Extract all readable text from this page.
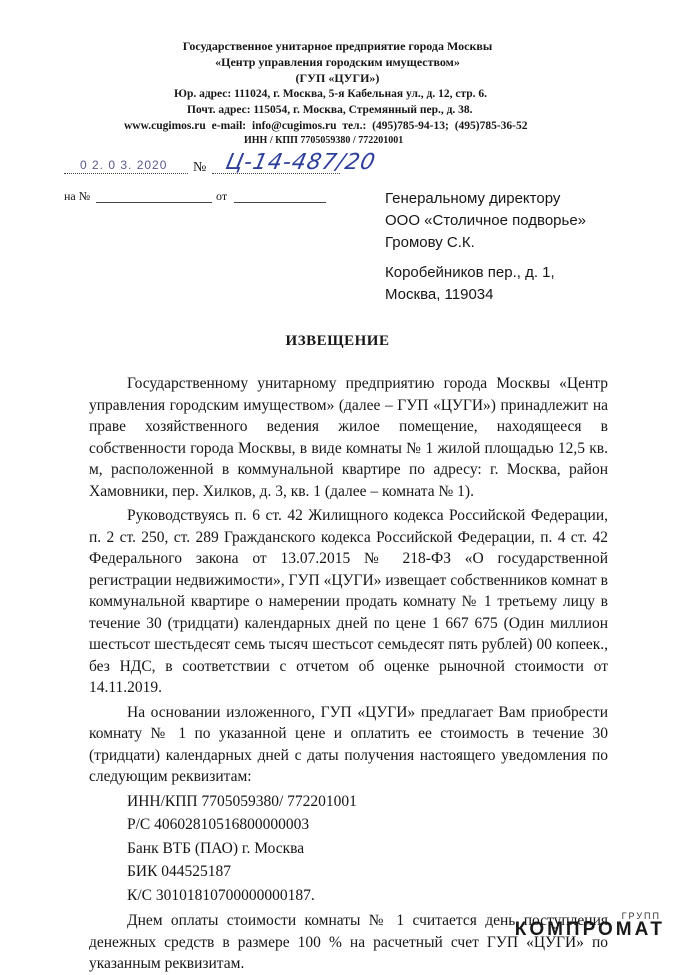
Государственное унитарное предприятие города Москвы
«Центр управления городским имуществом»
(ГУП «ЦУГИ»)
Юр. адрес: 111024, г. Москва, 5-я Кабельная ул., д. 12, стр. 6.
Почт. адрес: 115054, г. Москва, Стремянный пер., д. 38.
www.cugimos.ru e-mail: info@cugimos.ru тел.: (495)785-94-13; (495)785-36-52
ИНН / КПП 7705059380 / 772201001
0 2. 0 3. 2020 № Ц-14-487/20
на №	от	Генеральному директору
ООО «Столичное подворье»
Громову С.К.
Коробейников пер., д. 1,
Москва, 119034
ИЗВЕЩЕНИЕ

Государственному унитарному предприятию города Москвы «Центр управления городским имуществом» (далее – ГУП «ЦУГИ») принадлежит на праве хозяйственного ведения жилое помещение, находящееся в собственности города Москвы, в виде комнаты № 1 жилой площадью 12,5 кв. м, расположенной в коммунальной квартире по адресу: г. Москва, район Хамовники, пер. Хилков, д. 3, кв. 1 (далее – комната № 1).

Руководствуясь п. 6 ст. 42 Жилищного кодекса Российской Федерации, п. 2 ст. 250, ст. 289 Гражданского кодекса Российской Федерации, п. 4 ст. 42 Федерального закона от 13.07.2015 № 218-ФЗ «О государственной регистрации недвижимости», ГУП «ЦУГИ» извещает собственников комнат в коммунальной квартире о намерении продать комнату № 1 третьему лицу в течение 30 (тридцати) календарных дней по цене 1 667 675 (Один миллион шестьсот шестьдесят семь тысяч шестьсот семьдесят пять рублей) 00 копеек., без НДС, в соответствии с отчетом об оценке рыночной стоимости от 14.11.2019.

На основании изложенного, ГУП «ЦУГИ» предлагает Вам приобрести комнату № 1 по указанной цене и оплатить ее стоимость в течение 30 (тридцати) календарных дней с даты получения настоящего уведомления по следующим реквизитам:

ИНН/КПП 7705059380/ 772201001

Р/С 40602810516800000003

Банк ВТБ (ПАО) г. Москва

БИК 044525187

К/С 30101810700000000187.

Днем оплаты стоимости комнаты № 1 считается день поступления денежных средств в размере 100 % на расчетный счет ГУП «ЦУГИ» по указанным реквизитам.

ГРУПП
КОМПРОМАТ
